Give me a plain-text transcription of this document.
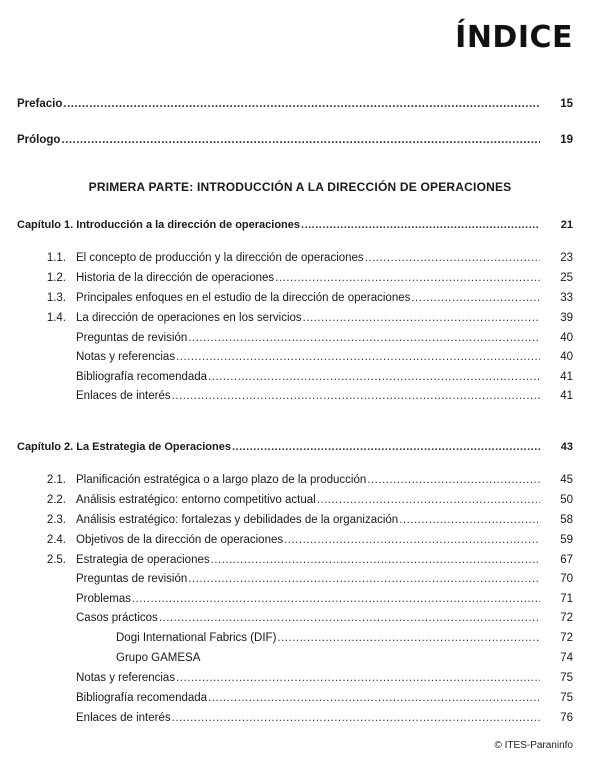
ÍNDICE
Prefacio .....	15
Prólogo .....	19
PRIMERA PARTE: INTRODUCCIÓN A LA DIRECCIÓN DE OPERACIONES
Capítulo 1. Introducción a la dirección de operaciones .....	21
1.1. El concepto de producción y la dirección de operaciones .....	23
1.2. Historia de la dirección de operaciones .....	25
1.3. Principales enfoques en el estudio de la dirección de operaciones .....	33
1.4. La dirección de operaciones en los servicios .....	39
Preguntas de revisión .....	40
Notas y referencias .....	40
Bibliografía recomendada .....	41
Enlaces de interés .....	41
Capítulo 2. La Estrategia de Operaciones .....	43
2.1. Planificación estratégica o a largo plazo de la producción .....	45
2.2. Análisis estratégico: entorno competitivo actual .....	50
2.3. Análisis estratégico: fortalezas y debilidades de la organización .....	58
2.4. Objetivos de la dirección de operaciones .....	59
2.5. Estrategia de operaciones .....	67
Preguntas de revisión .....	70
Problemas .....	71
Casos prácticos .....	72
Dogi International Fabrics (DIF) .....	72
Grupo GAMESA	74
Notas y referencias .....	75
Bibliografía recomendada .....	75
Enlaces de interés .....	76
© ITES-Paraninfo
